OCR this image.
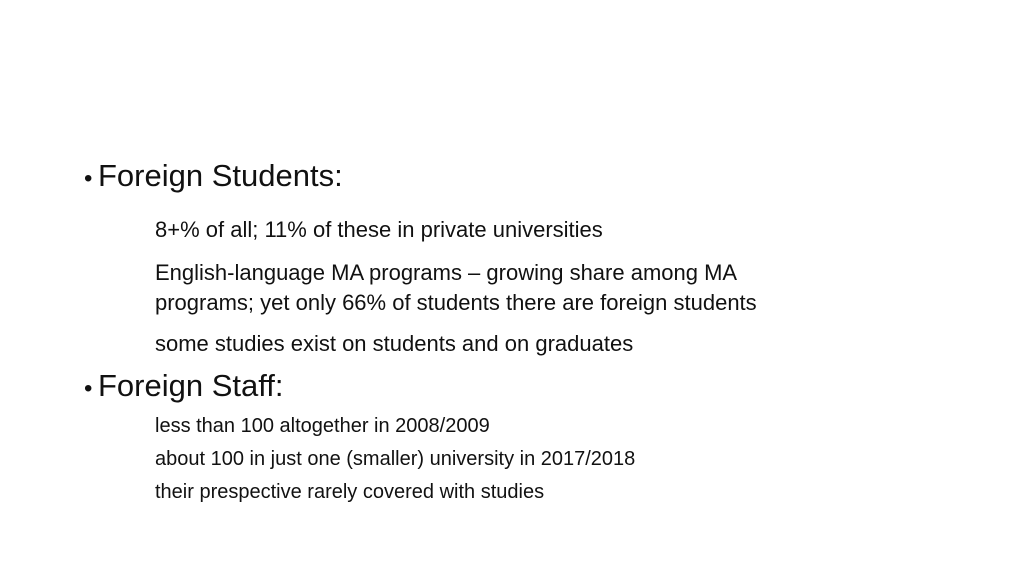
• Foreign Students:
8+% of all; 11% of these in private universities
English-language MA programs – growing share among MA
programs; yet only 66% of students there are foreign students
some studies exist on students and on graduates
• Foreign Staff:
less than 100 altogether in 2008/2009
about 100 in just one (smaller) university in 2017/2018
their prespective rarely covered with studies
